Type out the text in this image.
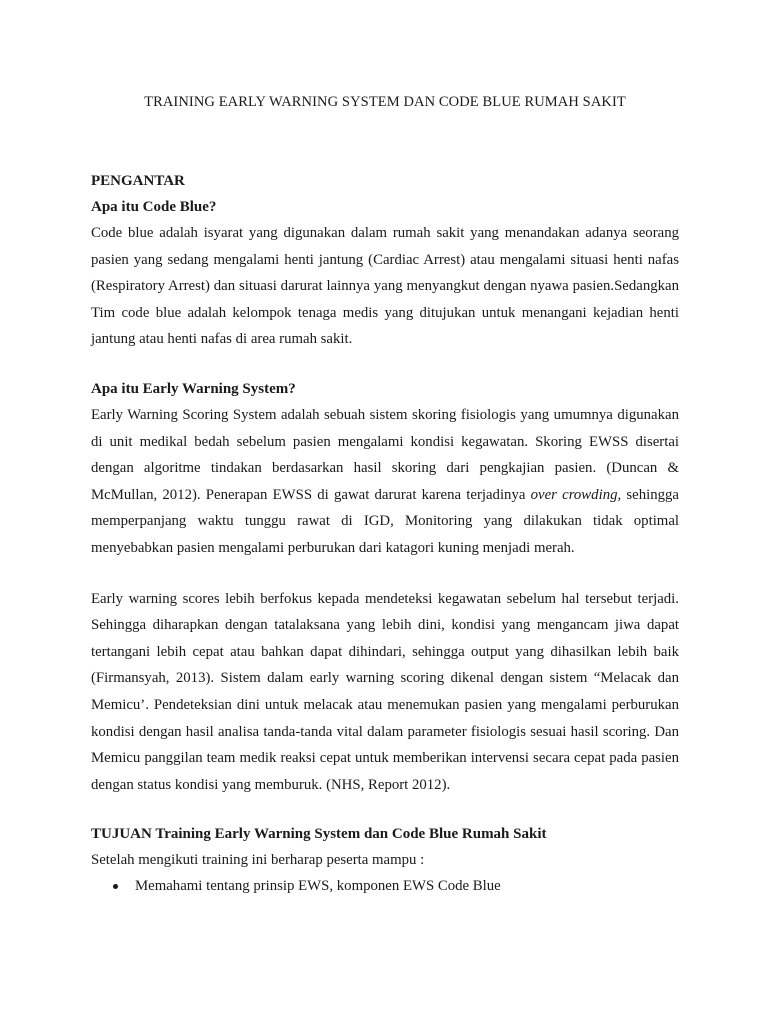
TRAINING EARLY WARNING SYSTEM DAN CODE BLUE RUMAH SAKIT

PENGANTAR

Apa itu Code Blue?

Code blue adalah isyarat yang digunakan dalam rumah sakit yang menandakan adanya seorang pasien yang sedang mengalami henti jantung (Cardiac Arrest) atau mengalami situasi henti nafas (Respiratory Arrest) dan situasi darurat lainnya yang menyangkut dengan nyawa pasien.Sedangkan Tim code blue adalah kelompok tenaga medis yang ditujukan untuk menangani kejadian henti jantung atau henti nafas di area rumah sakit.

Apa itu Early Warning System?

Early Warning Scoring System adalah sebuah sistem skoring fisiologis yang umumnya digunakan di unit medikal bedah sebelum pasien mengalami kondisi kegawatan. Skoring EWSS disertai dengan algoritme tindakan berdasarkan hasil skoring dari pengkajian pasien. (Duncan & McMullan, 2012). Penerapan EWSS di gawat darurat karena terjadinya over crowding, sehingga memperpanjang waktu tunggu rawat di IGD, Monitoring yang dilakukan tidak optimal menyebabkan pasien mengalami perburukan dari katagori kuning menjadi merah.

Early warning scores lebih berfokus kepada mendeteksi kegawatan sebelum hal tersebut terjadi. Sehingga diharapkan dengan tatalaksana yang lebih dini, kondisi yang mengancam jiwa dapat tertangani lebih cepat atau bahkan dapat dihindari, sehingga output yang dihasilkan lebih baik (Firmansyah, 2013). Sistem dalam early warning scoring dikenal dengan sistem “Melacak dan Memicu’. Pendeteksian dini untuk melacak atau menemukan pasien yang mengalami perburukan kondisi dengan hasil analisa tanda-tanda vital dalam parameter fisiologis sesuai hasil scoring. Dan Memicu panggilan team medik reaksi cepat untuk memberikan intervensi secara cepat pada pasien dengan status kondisi yang memburuk. (NHS, Report 2012).

TUJUAN Training Early Warning System dan Code Blue Rumah Sakit

Setelah mengikuti training ini berharap peserta mampu :

Memahami tentang prinsip EWS, komponen EWS Code Blue
